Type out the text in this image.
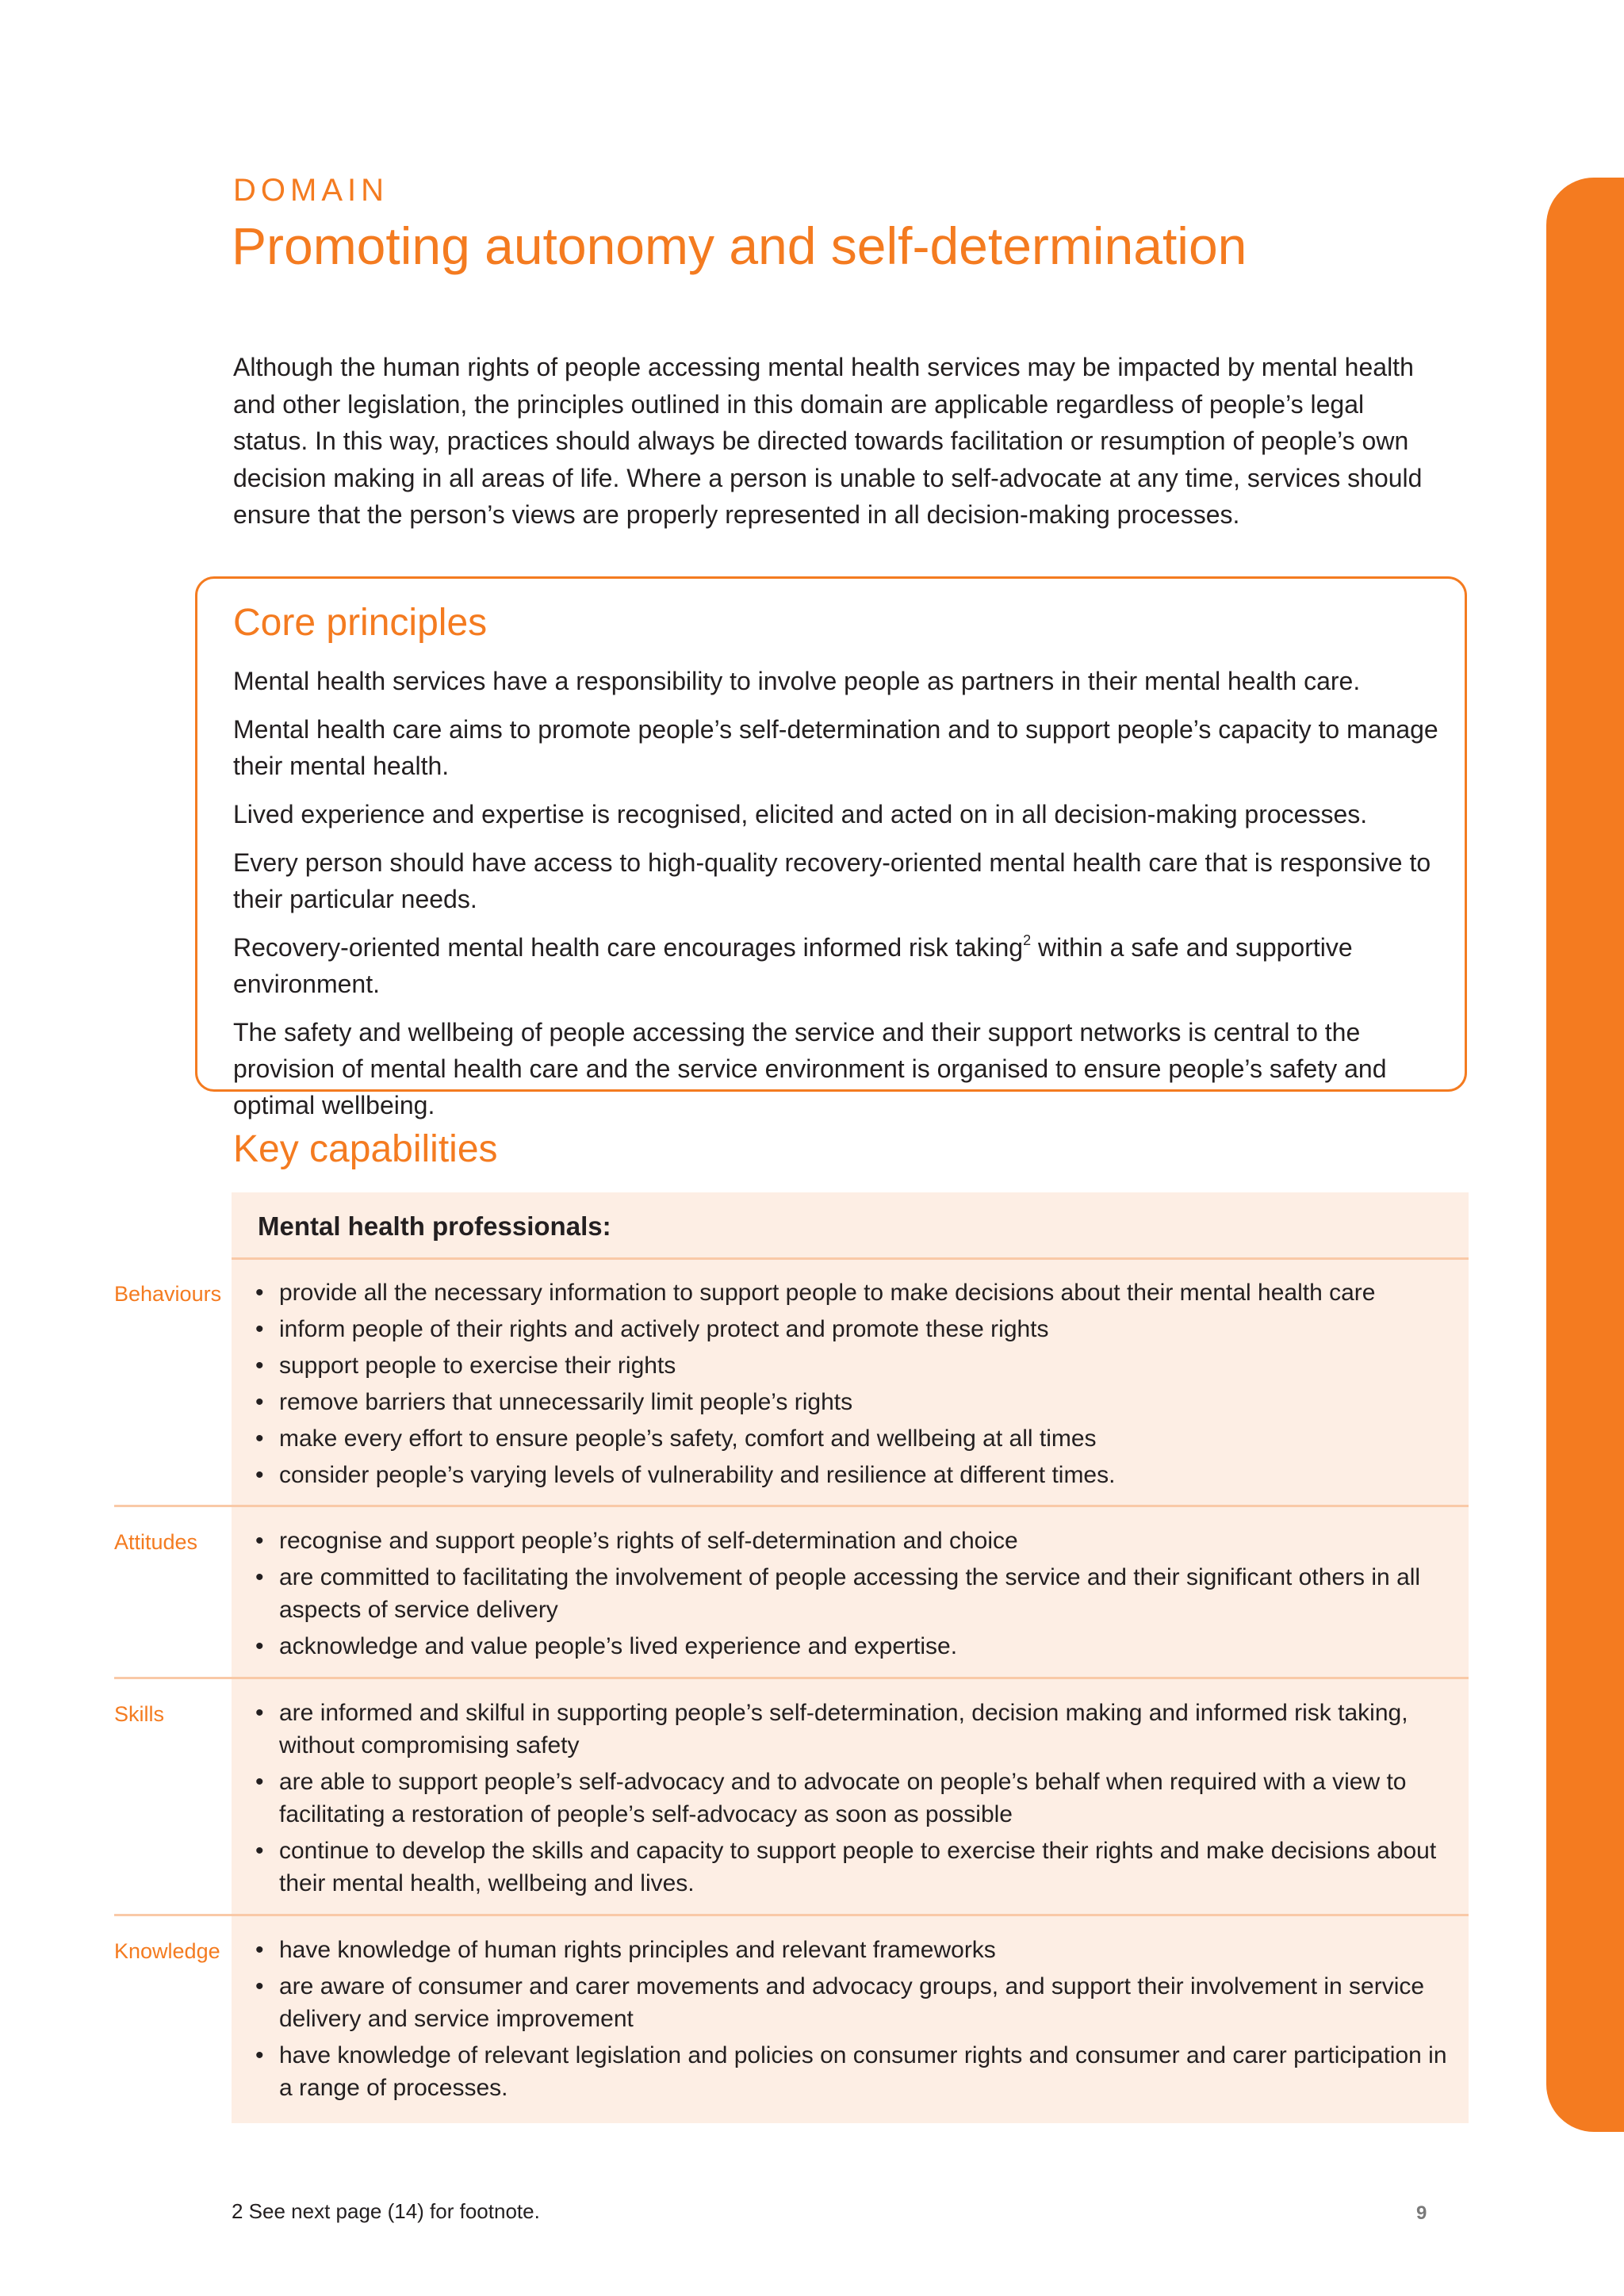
DOMAIN
Promoting autonomy and self-determination

Although the human rights of people accessing mental health services may be impacted by mental health and other legislation, the principles outlined in this domain are applicable regardless of people’s legal status. In this way, practices should always be directed towards facilitation or resumption of people’s own decision making in all areas of life. Where a person is unable to self-advocate at any time, services should ensure that the person’s views are properly represented in all decision-making processes.

Core principles
Mental health services have a responsibility to involve people as partners in their mental health care.
Mental health care aims to promote people’s self-determination and to support people’s capacity to manage their mental health.
Lived experience and expertise is recognised, elicited and acted on in all decision-making processes.
Every person should have access to high-quality recovery-oriented mental health care that is responsive to their particular needs.
Recovery-oriented mental health care encourages informed risk taking$^2$ within a safe and supportive environment.
The safety and wellbeing of people accessing the service and their support networks is central to the provision of mental health care and the service environment is organised to ensure people’s safety and optimal wellbeing.
Key capabilities
Mental health professionals:
Behaviours	• provide all the necessary information to support people to make decisions about their mental health care
• inform people of their rights and actively protect and promote these rights
• support people to exercise their rights
• remove barriers that unnecessarily limit people’s rights
• make every effort to ensure people’s safety, comfort and wellbeing at all times
• consider people’s varying levels of vulnerability and resilience at different times.
Attitudes	• recognise and support people’s rights of self-determination and choice
• are committed to facilitating the involvement of people accessing the service and their significant others in all aspects of service delivery
• acknowledge and value people’s lived experience and expertise.
Skills	• are informed and skilful in supporting people’s self-determination, decision making and informed risk taking, without compromising safety
• are able to support people’s self-advocacy and to advocate on people’s behalf when required with a view to facilitating a restoration of people’s self-advocacy as soon as possible
• continue to develop the skills and capacity to support people to exercise their rights and make decisions about their mental health, wellbeing and lives.
Knowledge	• have knowledge of human rights principles and relevant frameworks
• are aware of consumer and carer movements and advocacy groups, and support their involvement in service delivery and service improvement
• have knowledge of relevant legislation and policies on consumer rights and consumer and carer participation in a range of processes.
2 See next page (14) for footnote.	9
